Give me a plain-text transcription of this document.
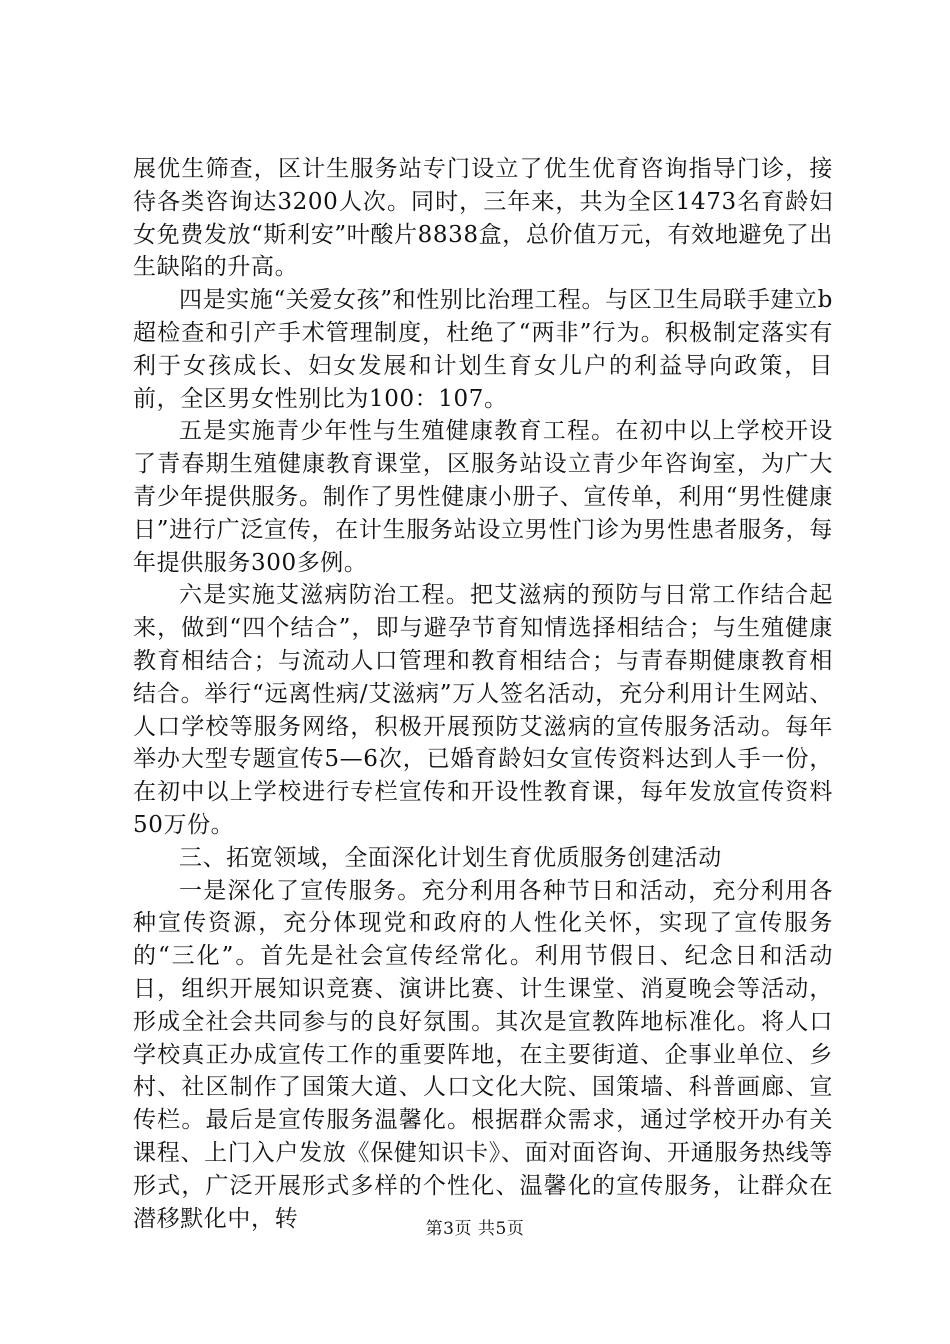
展优生筛查，区计生服务站专门设立了优生优育咨询指导门诊，接待各类咨询达3200人次。同时，三年来，共为全区1473名育龄妇女免费发放“斯利安”叶酸片8838盒，总价值万元，有效地避免了出生缺陷的升高。

四是实施“关爱女孩”和性别比治理工程。与区卫生局联手建立b超检查和引产手术管理制度，杜绝了“两非”行为。积极制定落实有利于女孩成长、妇女发展和计划生育女儿户的利益导向政策，目前，全区男女性别比为100：107。

五是实施青少年性与生殖健康教育工程。在初中以上学校开设了青春期生殖健康教育课堂，区服务站设立青少年咨询室，为广大青少年提供服务。制作了男性健康小册子、宣传单，利用“男性健康日”进行广泛宣传，在计生服务站设立男性门诊为男性患者服务，每年提供服务300多例。

六是实施艾滋病防治工程。把艾滋病的预防与日常工作结合起来，做到“四个结合”，即与避孕节育知情选择相结合；与生殖健康教育相结合；与流动人口管理和教育相结合；与青春期健康教育相结合。举行“远离性病/艾滋病”万人签名活动，充分利用计生网站、人口学校等服务网络，积极开展预防艾滋病的宣传服务活动。每年举办大型专题宣传5—6次，已婚育龄妇女宣传资料达到人手一份，在初中以上学校进行专栏宣传和开设性教育课，每年发放宣传资料50万份。

三、拓宽领域，全面深化计划生育优质服务创建活动

一是深化了宣传服务。充分利用各种节日和活动，充分利用各种宣传资源，充分体现党和政府的人性化关怀，实现了宣传服务的“三化”。首先是社会宣传经常化。利用节假日、纪念日和活动日，组织开展知识竞赛、演讲比赛、计生课堂、消夏晚会等活动，形成全社会共同参与的良好氛围。其次是宣教阵地标准化。将人口学校真正办成宣传工作的重要阵地，在主要街道、企事业单位、乡村、社区制作了国策大道、人口文化大院、国策墙、科普画廊、宣传栏。最后是宣传服务温馨化。根据群众需求，通过学校开办有关课程、上门入户发放《保健知识卡》、面对面咨询、开通服务热线等形式，广泛开展形式多样的个性化、温馨化的宣传服务，让群众在潜移默化中，转	第3页 共5页
